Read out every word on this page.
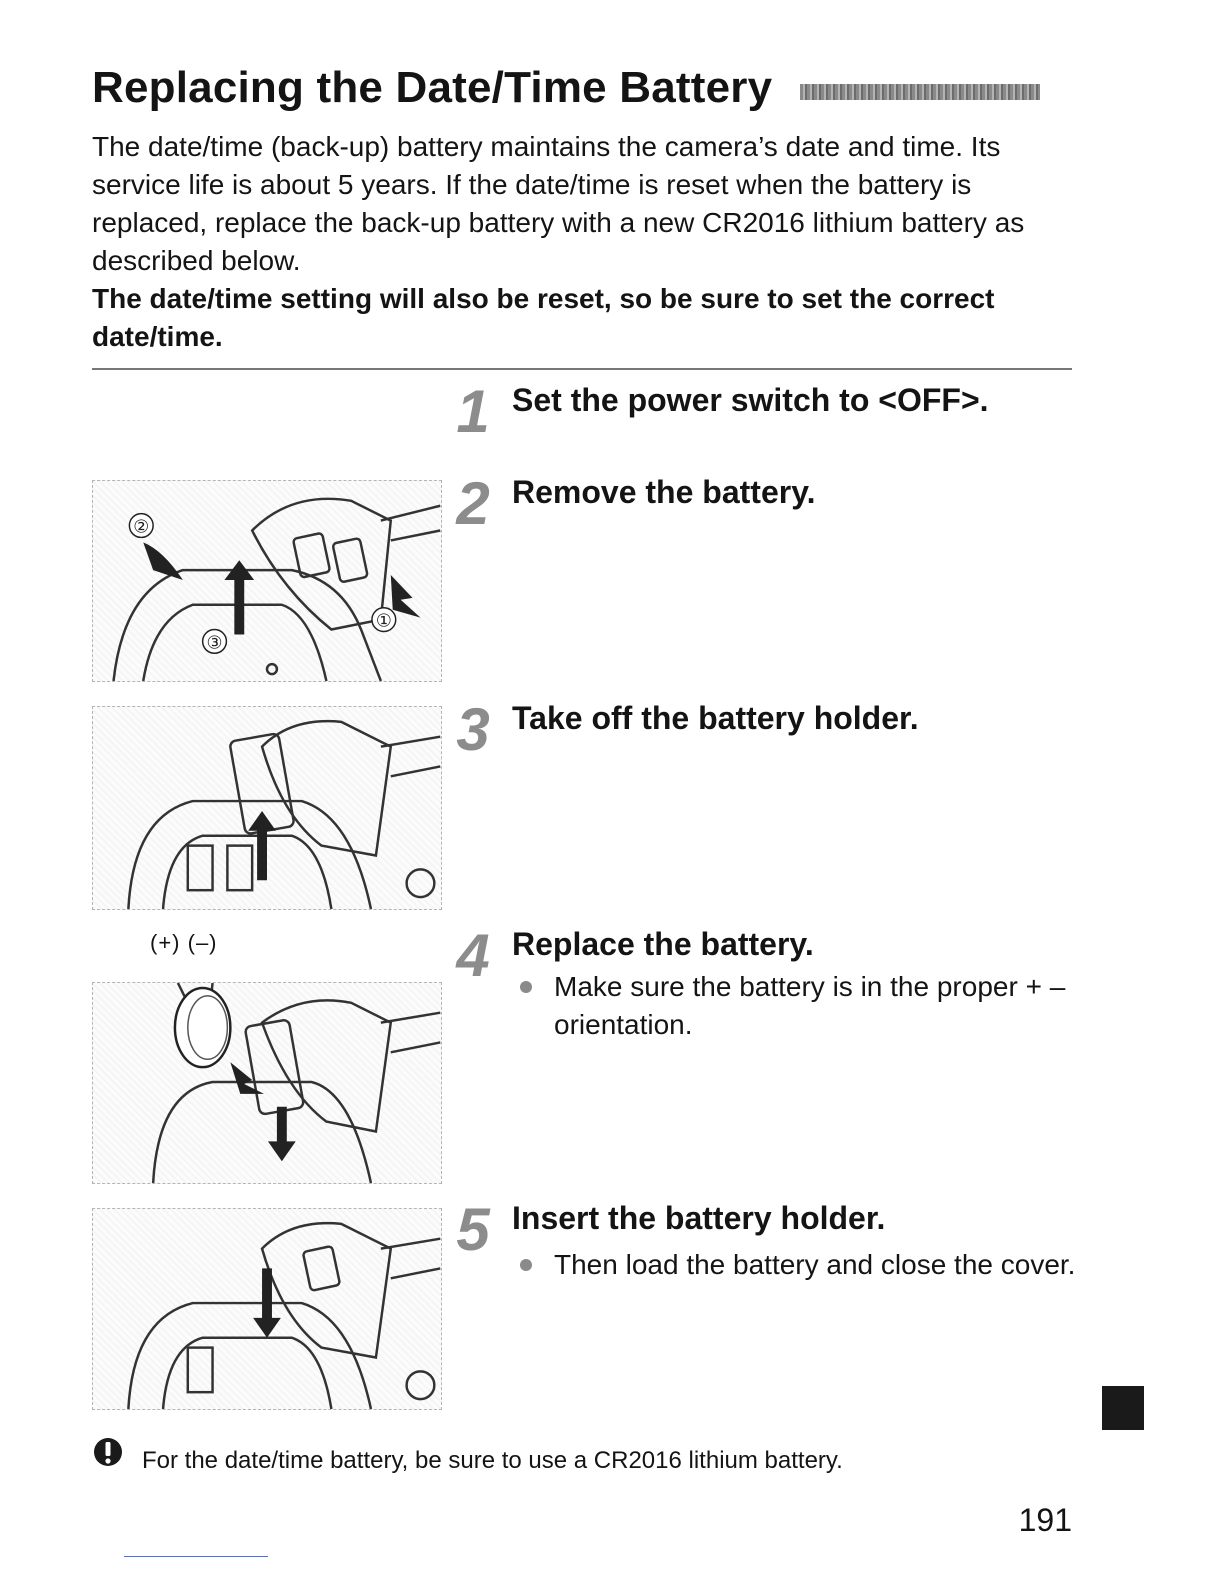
Replacing the Date/Time Battery

The date/time (back-up) battery maintains the camera’s date and time. Its service life is about 5 years. If the date/time is reset when the battery is replaced, replace the back-up battery with a new CR2016 lithium battery as described below.

The date/time setting will also be reset, so be sure to set the correct date/time.

1 Set the power switch to <OFF>.
②
①
③
2 Remove the battery.
3 Take off the battery holder.
(+) (–)	4 Replace the battery.
Make sure the battery is in the proper + – orientation.
5 Insert the battery holder.
Then load the battery and close the cover.
For the date/time battery, be sure to use a CR2016 lithium battery.
191
